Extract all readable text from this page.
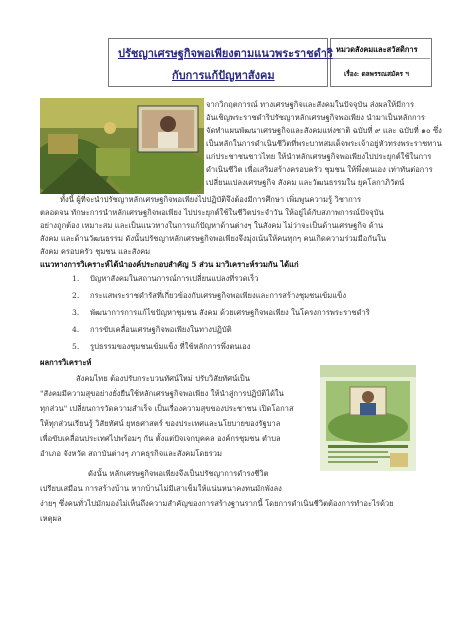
ปรัชญาเศรษฐกิจพอเพียงตามแนวพระราชดำริ
กับการแก้ปัญหาสังคม
หมวดสังคมและสวัสดิการ
เรื่อง: ดลพรรณสมัคร ฯ
จากวิกฤตการณ์ ทางเศรษฐกิจและสังคมในปัจจุบัน ส่งผลให้มีการ
อันเชิญพระราชดำริปรัชญาหลักเศรษฐกิจพอเพียง นำมาเป็นหลักการ
จัดทำแผนพัฒนาเศรษฐกิจและสังคมแห่งชาติ ฉบับที่ ๙ และ ฉบับที่ ๑๐ ซึ่ง
เป็นหลักในการดำเนินชีวิตที่พระบาทสมเด็จพระเจ้าอยู่หัวทรงพระราชทาน
แก่ประชาชนชาวไทย ให้นำหลักเศรษฐกิจพอเพียงไปประยุกต์ใช้ในการ
ดำเนินชีวิต เพื่อเสริมสร้างครอบครัว ชุมชน ให้พึ่งตนเอง เท่าทันต่อการ
เปลี่ยนแปลงเศรษฐกิจ สังคม และวัฒนธรรมใน ยุคโลกาภิวัตน์
ทั้งนี้ ผู้ที่จะนำปรัชญาหลักเศรษฐกิจพอเพียงไปปฏิบัติจึงต้องมีการศึกษา เพิ่มพูนความรู้ วิชาการ
ตลอดจน ทักษะการนำหลักเศรษฐกิจพอเพียง ไปประยุกต์ใช้ในชีวิตประจำวัน ให้อยู่ได้กับสภาพการณ์ปัจจุบัน
อย่างถูกต้อง เหมาะสม และเป็นแนวทางในการแก้ปัญหาด้านต่างๆ ในสังคม ไม่ว่าจะเป็นด้านเศรษฐกิจ ด้าน
สังคม และด้านวัฒนธรรม ดังนั้นปรัชญาหลักเศรษฐกิจพอเพียงจึงมุ่งเน้นให้คนทุกๆ คนเกิดความร่วมมือกันใน
สังคม ครอบครัว ชุมชน และสังคม
แนวทางการวิเคราะห์ได้นำองค์ประกอบสำคัญ 5 ส่วน มาวิเคราะห์รวมกัน ได้แก่
1. ปัญหาสังคมในสถานการณ์การเปลี่ยนแปลงที่รวดเร็ว
2. กระแสพระราชดำรัสที่เกี่ยวข้องกับเศรษฐกิจพอเพียงและการสร้างชุมชนเข้มแข็ง
3. พัฒนาการการแก้ไขปัญหาชุมชน สังคม ด้วยเศรษฐกิจพอเพียง ในโครงการพระราชดำริ
4. การขับเคลื่อนเศรษฐกิจพอเพียงในทางปฏิบัติ
5. รูปธรรมของชุมชนเข้มแข็ง ที่ใช้หลักการพึ่งตนเอง
ผลการวิเคราะห์
สังคมไทย ต้องปรับกระบวนทัศน์ใหม่ ปรับวิสัยทัศน์เป็น
"สังคมมีความสุขอย่างยั่งยืนใช้หลักเศรษฐกิจพอเพียง ให้นำสู่การปฏิบัติได้ใน
ทุกส่วน" เปลี่ยนการวัดความสำเร็จ เป็นเรื่องความสุขของประชาชน เปิดโอกาส
ให้ทุกส่วนเรียนรู้ วิสัยทัศน์ ยุทธศาสตร์ ของประเทศและนโยบายของรัฐบาล
เพื่อขับเคลื่อนประเทศไปพร้อมๆ กัน ตั้งแต่ปัจเจกบุคคล องค์กรชุมชน ตำบล
อำเภอ จังหวัด สถาบันต่างๆ ภาคธุรกิจและสังคมโดยรวม
ดังนั้น หลักเศรษฐกิจพอเพียงจึงเป็นปรัชญาการดำรงชีวิต
เปรียบเสมือน การสร้างบ้าน หากบ้านไม่มีเสาเข็มให้แน่นหนาคงทนมักพังลง
ง่ายๆ ซึ่งคนทั่วไปมักมองไม่เห็นถึงความสำคัญของการสร้างฐานรากนี้ โดยการดำเนินชีวิตต้องการทำอะไรด้วย
เหตุผล
